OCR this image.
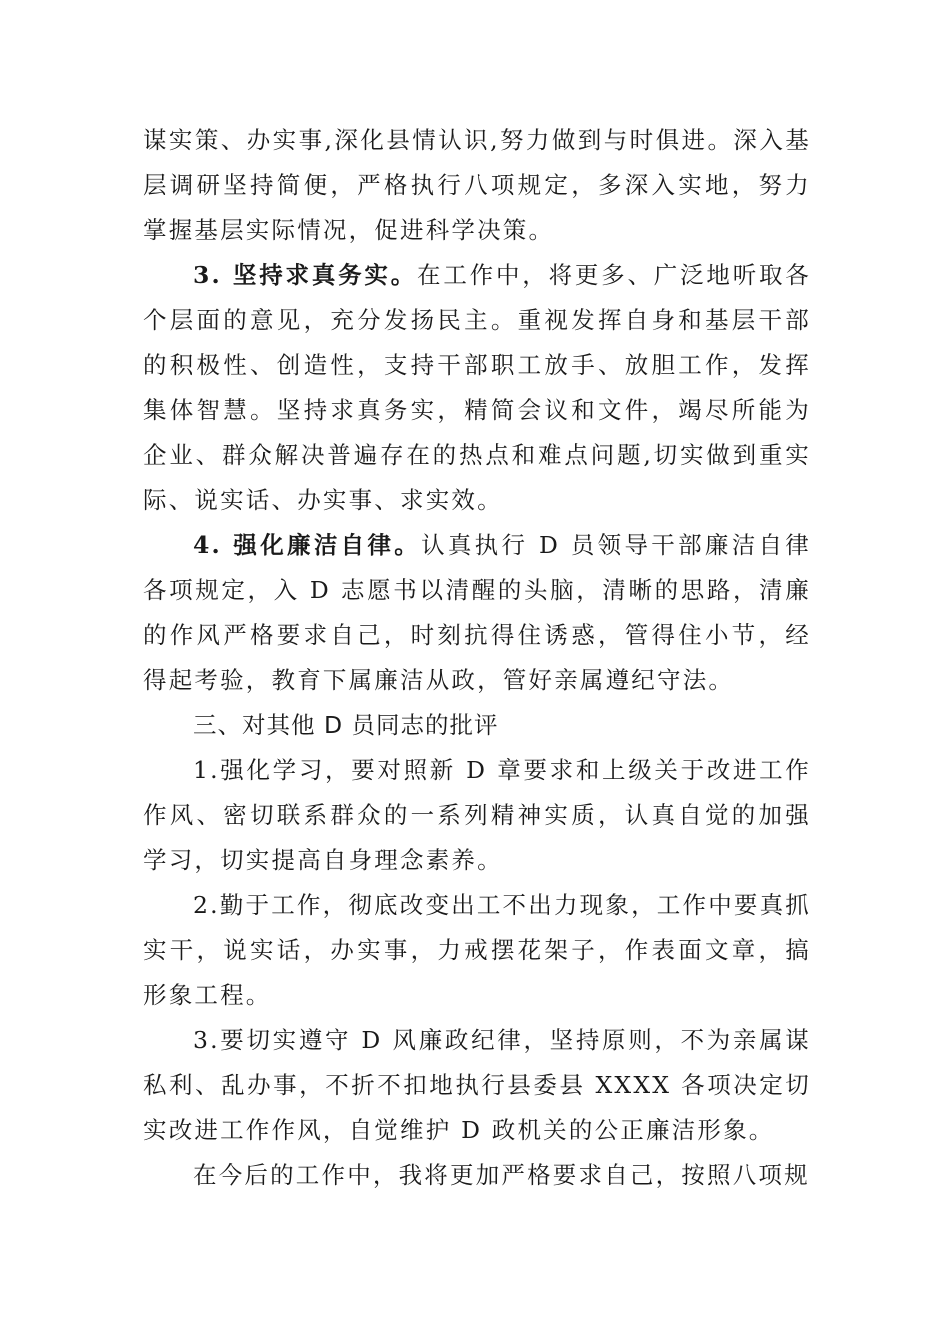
谋实策、办实事,深化县情认识,努力做到与时俱进。深入基层调研坚持简便，严格执行八项规定，多深入实地，努力掌握基层实际情况，促进科学决策。

3. 坚持求真务实。在工作中，将更多、广泛地听取各个层面的意见，充分发扬民主。重视发挥自身和基层干部的积极性、创造性，支持干部职工放手、放胆工作，发挥集体智慧。坚持求真务实，精简会议和文件，竭尽所能为企业、群众解决普遍存在的热点和难点问题,切实做到重实际、说实话、办实事、求实效。

4. 强化廉洁自律。认真执行 D 员领导干部廉洁自律各项规定，入 D 志愿书以清醒的头脑，清晰的思路，清廉的作风严格要求自己，时刻抗得住诱惑，管得住小节，经得起考验，教育下属廉洁从政，管好亲属遵纪守法。

三、对其他 D 员同志的批评

1.强化学习，要对照新 D 章要求和上级关于改进工作作风、密切联系群众的一系列精神实质，认真自觉的加强学习，切实提高自身理念素养。

2.勤于工作，彻底改变出工不出力现象，工作中要真抓实干，说实话，办实事，力戒摆花架子，作表面文章，搞形象工程。

3.要切实遵守 D 风廉政纪律，坚持原则，不为亲属谋私利、乱办事，不折不扣地执行县委县 XXXX 各项决定切实改进工作作风，自觉维护 D 政机关的公正廉洁形象。

在今后的工作中，我将更加严格要求自己，按照八项规
